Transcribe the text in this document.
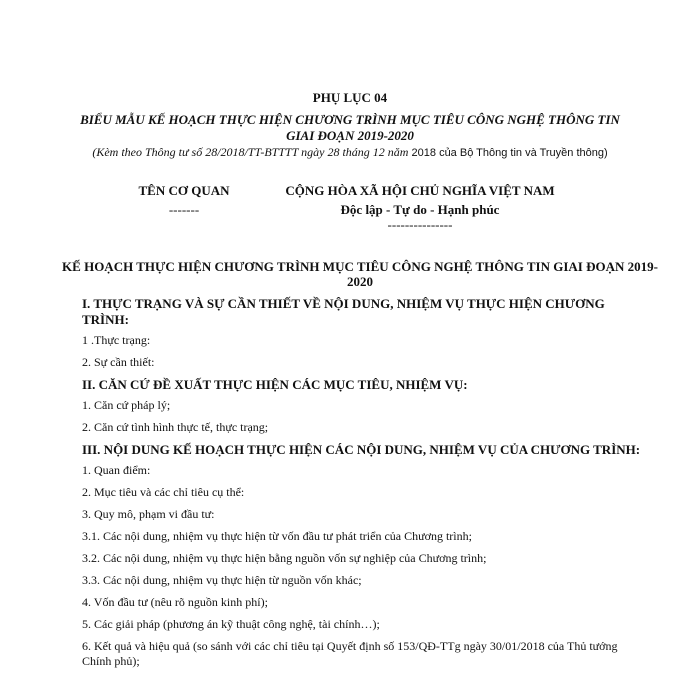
PHỤ LỤC 04
BIỂU MẪU KẾ HOẠCH THỰC HIỆN CHƯƠNG TRÌNH MỤC TIÊU CÔNG NGHỆ THÔNG TIN GIAI ĐOẠN 2019-2020
(Kèm theo Thông tư số 28/2018/TT-BTTTT ngày 28 tháng 12 năm 2018 của Bộ Thông tin và Truyền thông)
TÊN CƠ QUAN
-------
CỘNG HÒA XÃ HỘI CHỦ NGHĨA VIỆT NAM
Độc lập - Tự do - Hạnh phúc
---------------
KẾ HOẠCH THỰC HIỆN CHƯƠNG TRÌNH MỤC TIÊU CÔNG NGHỆ THÔNG TIN GIAI ĐOẠN 2019-2020
I. THỰC TRẠNG VÀ SỰ CẦN THIẾT VỀ NỘI DUNG, NHIỆM VỤ THỰC HIỆN CHƯƠNG TRÌNH:
1 .Thực trạng:
2. Sự cần thiết:
II. CĂN CỨ ĐỀ XUẤT THỰC HIỆN CÁC MỤC TIÊU, NHIỆM VỤ:
1. Căn cứ pháp lý;
2. Căn cứ tình hình thực tế, thực trạng;
III. NỘI DUNG KẾ HOẠCH THỰC HIỆN CÁC NỘI DUNG, NHIỆM VỤ CỦA CHƯƠNG TRÌNH:
1. Quan điểm:
2. Mục tiêu và các chỉ tiêu cụ thể:
3. Quy mô, phạm vi đầu tư:
3.1. Các nội dung, nhiệm vụ thực hiện từ vốn đầu tư phát triển của Chương trình;
3.2. Các nội dung, nhiệm vụ thực hiện bằng nguồn vốn sự nghiệp của Chương trình;
3.3. Các nội dung, nhiệm vụ thực hiện từ nguồn vốn khác;
4. Vốn đầu tư (nêu rõ nguồn kinh phí);
5. Các giải pháp (phương án kỹ thuật công nghệ, tài chính…);
6. Kết quả và hiệu quả (so sánh với các chỉ tiêu tại Quyết định số 153/QĐ-TTg ngày 30/01/2018 của Thủ tướng Chính phủ);
